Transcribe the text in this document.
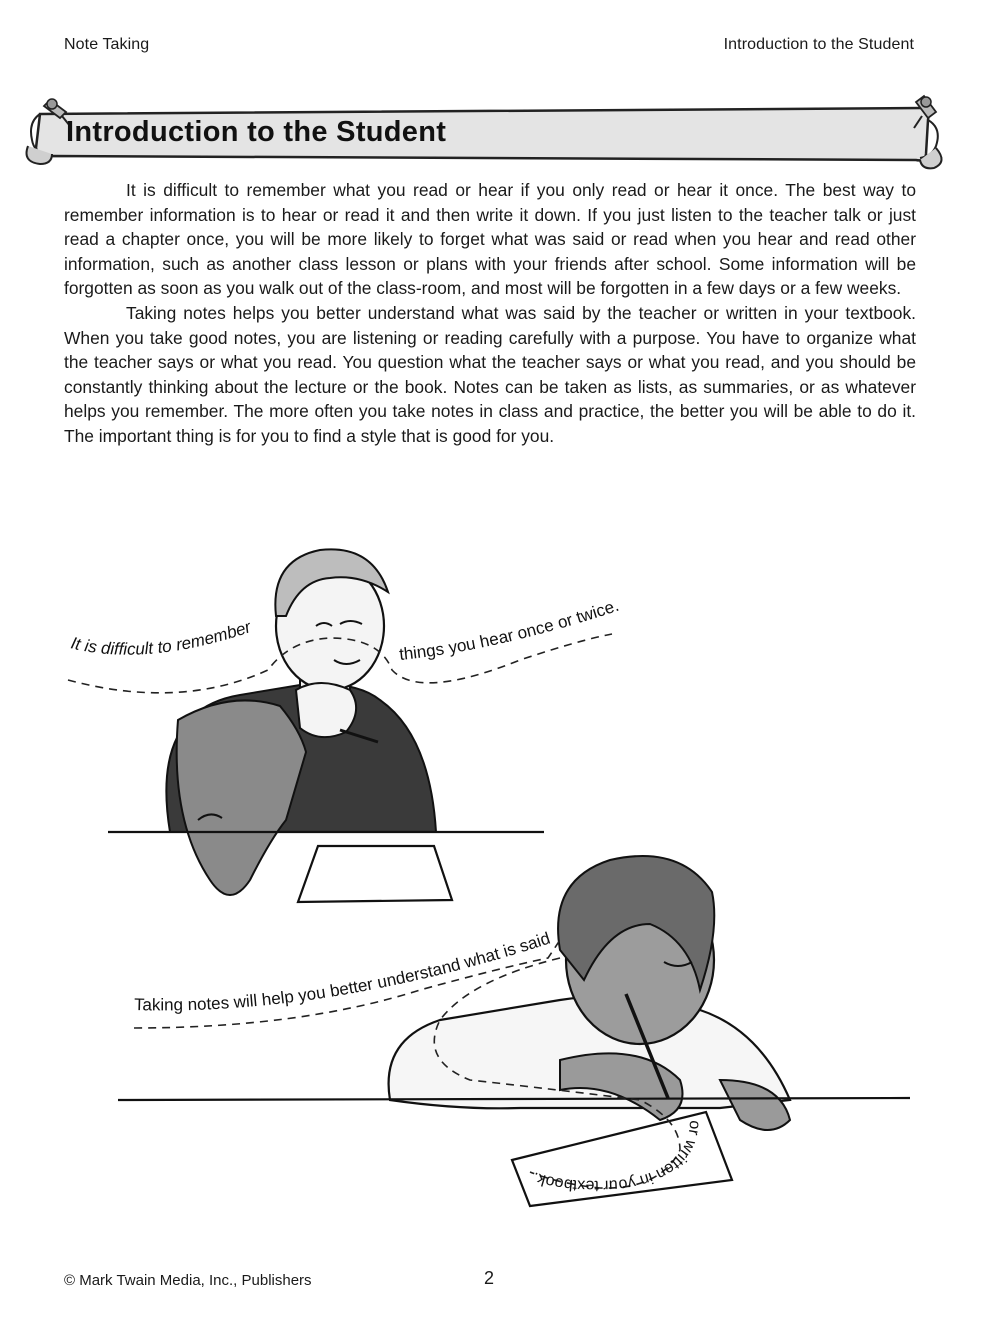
Note Taking	Introduction to the Student
Introduction to the Student

It is difficult to remember what you read or hear if you only read or hear it once. The best way to remember information is to hear or read it and then write it down. If you just listen to the teacher talk or just read a chapter once, you will be more likely to forget what was said or read when you hear and read other information, such as another class lesson or plans with your friends after school. Some information will be forgotten as soon as you walk out of the class-room, and most will be forgotten in a few days or a few weeks.

Taking notes helps you better understand what was said by the teacher or written in your textbook. When you take good notes, you are listening or reading carefully with a purpose. You have to organize what the teacher says or what you read. You question what the teacher says or what you read, and you should be constantly thinking about the lecture or the book. Notes can be taken as lists, as summaries, or as whatever helps you remember. The more often you take notes in class and practice, the better you will be able to do it. The important thing is for you to find a style that is good for you.

It is difficult to remember
things you hear once or twice.
Taking notes will help you better understand what is said
or written in your textbook.
© Mark Twain Media, Inc., Publishers	2
